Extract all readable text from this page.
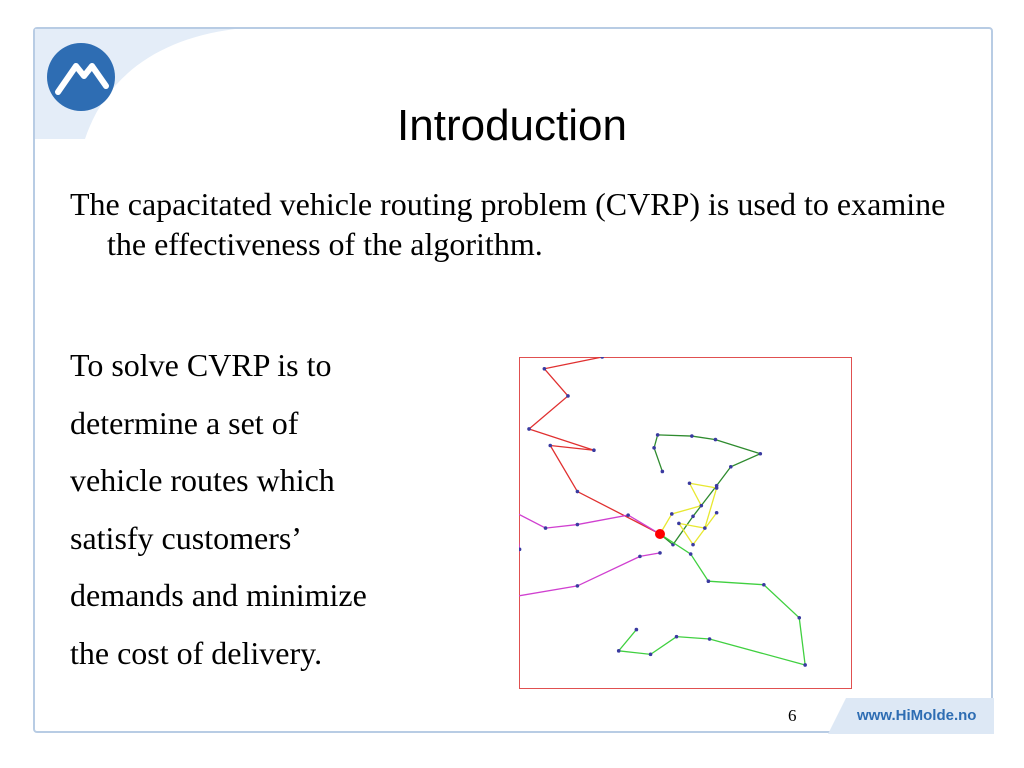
Introduction
The capacitated vehicle routing problem (CVRP) is used to examine the effectiveness of the algorithm.
To solve CVRP is to
determine a set of
vehicle routes which
satisfy customers’
demands and minimize
the cost of delivery.
6	www.HiMolde.no
